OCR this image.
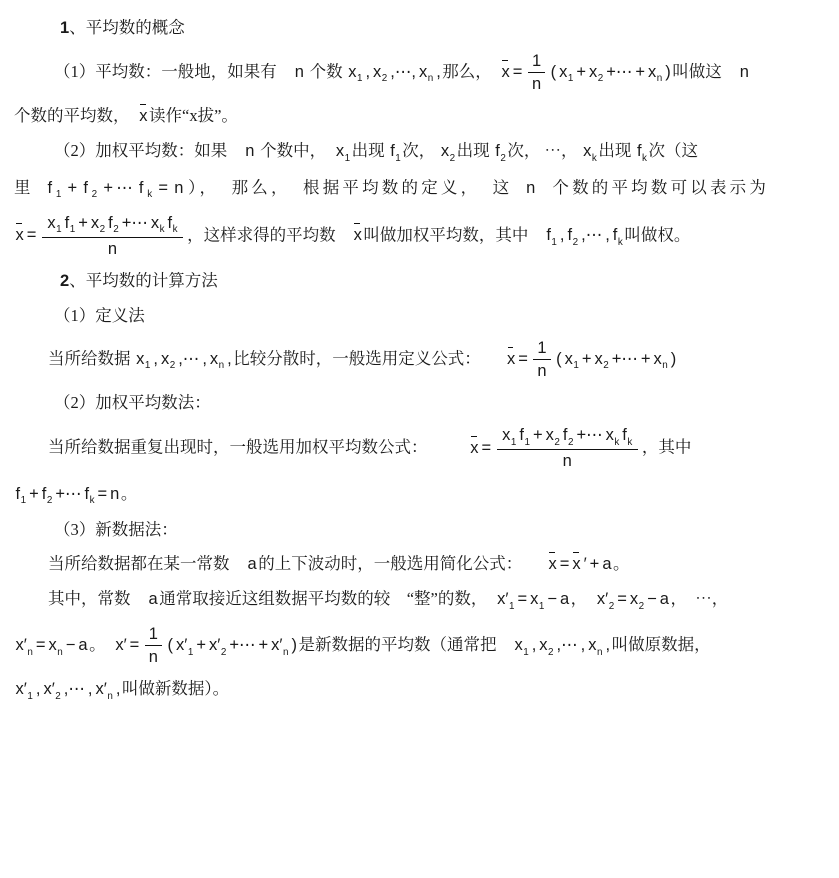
1、平均数的概念
（1）平均数：一般地，如果有　n 个数 $x_1$ , $x_2$ ,⋯, $x_n$ ,那么，　$x = \frac{1}{n}$ ( $x_1 + x_2$ +⋯ + $x_n$ )叫做这　n
个数的平均数，　x读作“x拔”。
（2）加权平均数：如果　n 个数中，　$x_1$出现 $f_1$次， $x_2$出现 $f_2$次， ⋯， $x_k$出现 $f_k$次（这
里 $f_1 + f_2$ +⋯ $f_k = n$）， 那么， 根据平均数的定义， 这 n 个数的平均数可以表示为
$x = \frac{x_1 f_1 + x_2 f_2 +\cdots x_k f_k}{n}$ ，这样求得的平均数　x叫做加权平均数，其中　$f_1$ , $f_2$ ,⋯ , $f_k$叫做权。
2、平均数的计算方法
（1）定义法
当所给数据 $x_1$ , $x_2$ ,⋯ , $x_n$ ,比较分散时，一般选用定义公式：　　$x = \frac{1}{n}$ ( $x_1 + x_2$ +⋯ + $x_n$ )
（2）加权平均数法：
当所给数据重复出现时，一般选用加权平均数公式：　　　$x = \frac{x_1 f_1 + x_2 f_2 +\cdots x_k f_k}{n}$ ，其中
$f_1 + f_2$ +⋯ $f_k = n$。
（3）新数据法：
当所给数据都在某一常数　a的上下波动时，一般选用简化公式：　　x = x ′ + a。
其中，常数　a通常取接近这组数据平均数的较　“整”的数，　$x'_1 = x_1 - a$，　$x'_2 = x_2 - a$，　⋯，
$x'_n = x_n - a$。　$x' = \frac{1}{n}$ ( $x'_1 + x'_2$ +⋯ + $x'_n$ )是新数据的平均数（通常把　$x_1$ , $x_2$ ,⋯ , $x_n$ ,叫做原数据，
$x'_1$ , $x'_2$ ,⋯ , $x'_n$ ,叫做新数据）。
